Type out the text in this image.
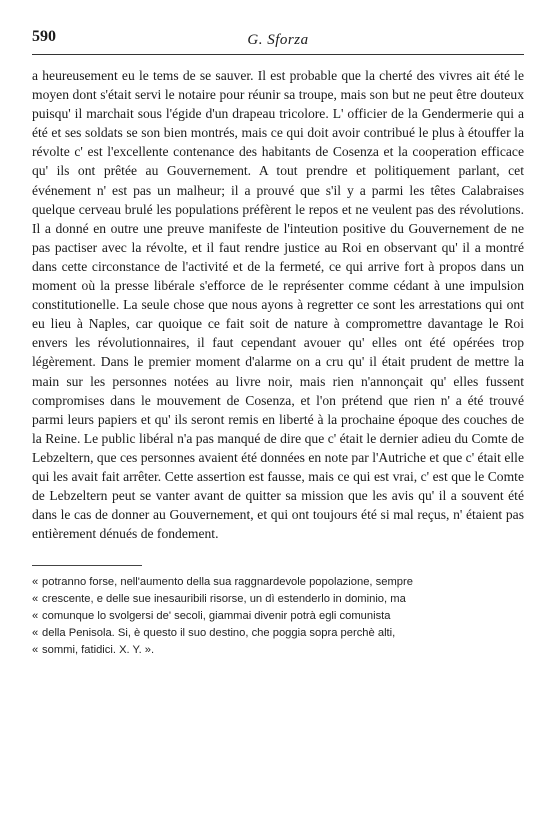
590	G. Sforza

a heureusement eu le tems de se sauver. Il est probable que la cherté des vivres ait été le moyen dont s'était servi le notaire pour réunir sa troupe, mais son but ne peut être douteux puisqu' il marchait sous l'égide d'un drapeau tricolore. L' officier de la Gendermerie qui a été et ses soldats se son bien montrés, mais ce qui doit avoir contribué le plus à étouffer la révolte c' est l'excellente contenance des habitants de Cosenza et la cooperation efficace qu' ils ont prêtée au Gouvernement. A tout prendre et politiquement parlant, cet événement n' est pas un malheur; il a prouvé que s'il y a parmi les têtes Calabraises quelque cerveau brulé les populations préfèrent le repos et ne veulent pas des révolutions. Il a donné en outre une preuve manifeste de l'inteution positive du Gouvernement de ne pas pactiser avec la révolte, et il faut rendre justice au Roi en observant qu' il a montré dans cette circonstance de l'activité et de la fermeté, ce qui arrive fort à propos dans un moment où la presse libérale s'efforce de le représenter comme cédant à une impulsion constitutionelle. La seule chose que nous ayons à regretter ce sont les arrestations qui ont eu lieu à Naples, car quoique ce fait soit de nature à compromettre davantage le Roi envers les révolutionnaires, il faut cependant avouer qu' elles ont été opérées trop légèrement. Dans le premier moment d'alarme on a cru qu' il était prudent de mettre la main sur les personnes notées au livre noir, mais rien n'annonçait qu' elles fussent compromises dans le mouvement de Cosenza, et l'on prétend que rien n' a été trouvé parmi leurs papiers et qu' ils seront remis en liberté à la prochaine époque des couches de la Reine. Le public libéral n'a pas manqué de dire que c' était le dernier adieu du Comte de Lebzeltern, que ces personnes avaient été données en note par l'Autriche et que c' était elle qui les avait fait arrêter. Cette assertion est fausse, mais ce qui est vrai, c' est que le Comte de Lebzeltern peut se vanter avant de quitter sa mission que les avis qu' il a souvent été dans le cas de donner au Gouvernement, et qui ont toujours été si mal reçus, n' étaient pas entièrement dénués de fondement.

« potranno forse, nell'aumento della sua raggnardevole popolazione, sempre
« crescente, e delle sue inesauribili risorse, un dì estenderlo in dominio, ma
« comunque lo svolgersi de' secoli, giammai divenir potrà egli comunista
« della Penisola. Si, è questo il suo destino, che poggia sopra perchè alti,
« sommi, fatidici. X. Y. ».
